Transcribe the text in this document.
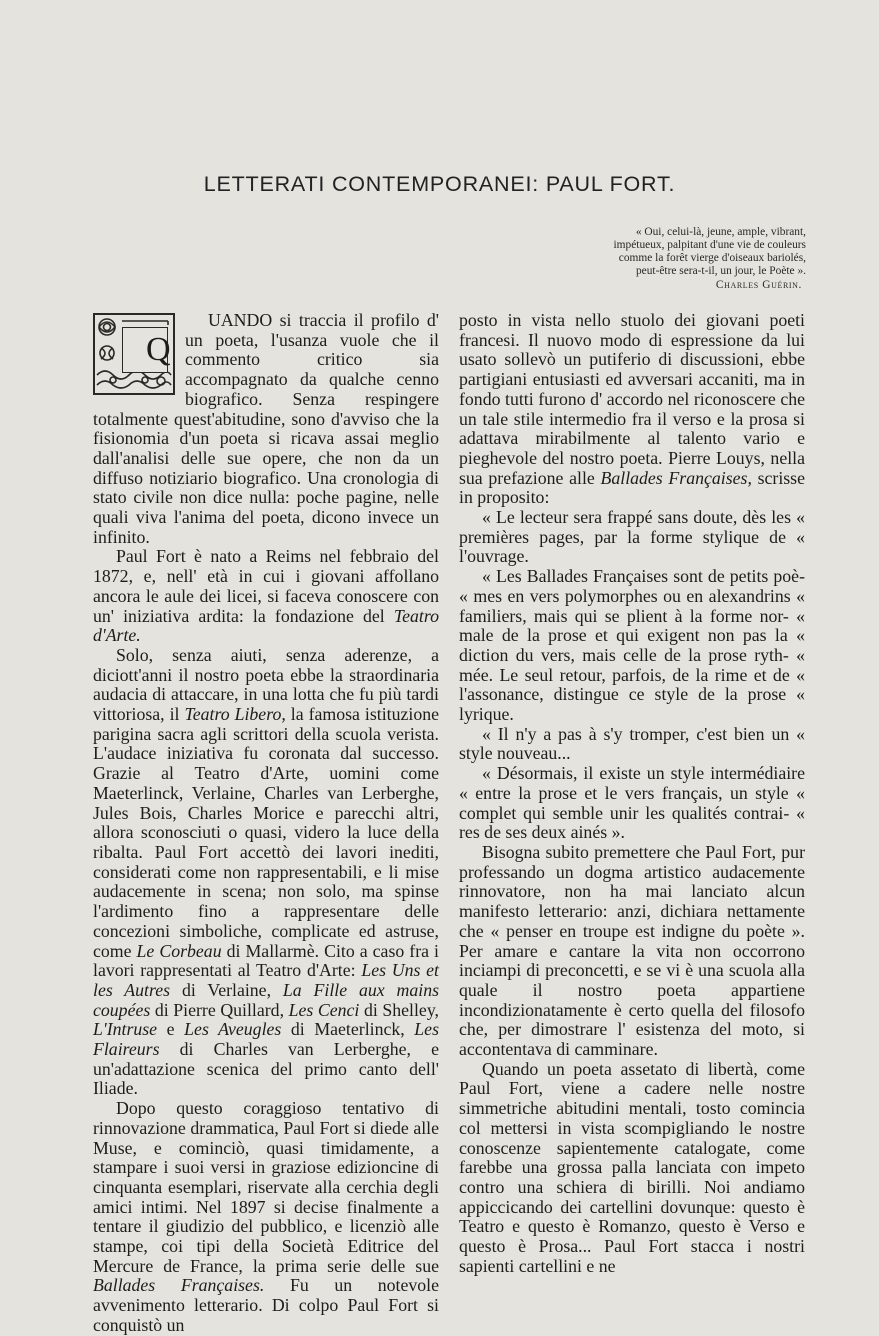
LETTERATI CONTEMPORANEI: PAUL FORT.
« Oui, celui-là, jeune, ample, vibrant,
impétueux, palpitant d'une vie de couleurs
comme la forêt vierge d'oiseaux bariolés,
peut-être sera-t-il, un jour, le Poète ».
Charles Guérin.

Q
UANDO si traccia il profilo d' un poeta, l'usanza vuole che il commento critico sia accompagnato da qualche cenno biografico. Senza respingere totalmente quest'abitudine, sono d'avviso che la fisionomia d'un poeta si ricava assai meglio dall'analisi delle sue opere, che non da un diffuso notiziario biografico. Una cronologia di stato civile non dice nulla: poche pagine, nelle quali viva l'anima del poeta, dicono invece un infinito.

Paul Fort è nato a Reims nel febbraio del 1872, e, nell' età in cui i giovani affollano ancora le aule dei licei, si faceva conoscere con un' iniziativa ardita: la fondazione del Teatro d'Arte.

Solo, senza aiuti, senza aderenze, a diciott'anni il nostro poeta ebbe la straordinaria audacia di attaccare, in una lotta che fu più tardi vittoriosa, il Teatro Libero, la famosa istituzione parigina sacra agli scrittori della scuola verista. L'audace iniziativa fu coronata dal successo. Grazie al Teatro d'Arte, uomini come Maeterlinck, Verlaine, Charles van Lerberghe, Jules Bois, Charles Morice e parecchi altri, allora sconosciuti o quasi, videro la luce della ribalta. Paul Fort accettò dei lavori inediti, considerati come non rappresentabili, e li mise audacemente in scena; non solo, ma spinse l'ardimento fino a rappresentare delle concezioni simboliche, complicate ed astruse, come Le Corbeau di Mallarmè. Cito a caso fra i lavori rappresentati al Teatro d'Arte: Les Uns et les Autres di Verlaine, La Fille aux mains coupées di Pierre Quillard, Les Cenci di Shelley, L'Intruse e Les Aveugles di Maeterlinck, Les Flaireurs di Charles van Lerberghe, e un'adattazione scenica del primo canto dell' Iliade.

Dopo questo coraggioso tentativo di rinnovazione drammatica, Paul Fort si diede alle Muse, e cominciò, quasi timidamente, a stampare i suoi versi in graziose edizioncine di cinquanta esemplari, riservate alla cerchia degli amici intimi. Nel 1897 si decise finalmente a tentare il giudizio del pubblico, e licenziò alle stampe, coi tipi della Società Editrice del Mercure de France, la prima serie delle sue Ballades Françaises. Fu un notevole avvenimento letterario. Di colpo Paul Fort si conquistò un

posto in vista nello stuolo dei giovani poeti francesi. Il nuovo modo di espressione da lui usato sollevò un putiferio di discussioni, ebbe partigiani entusiasti ed avversari accaniti, ma in fondo tutti furono d' accordo nel riconoscere che un tale stile intermedio fra il verso e la prosa si adattava mirabilmente al talento vario e pieghevole del nostro poeta. Pierre Louys, nella sua prefazione alle Ballades Françaises, scrisse in proposito:

« Le lecteur sera frappé sans doute, dès les « premières pages, par la forme stylique de « l'ouvrage.

« Les Ballades Françaises sont de petits poè- « mes en vers polymorphes ou en alexandrins « familiers, mais qui se plient à la forme nor- « male de la prose et qui exigent non pas la « diction du vers, mais celle de la prose ryth- « mée. Le seul retour, parfois, de la rime et de « l'assonance, distingue ce style de la prose « lyrique.

« Il n'y a pas à s'y tromper, c'est bien un « style nouveau...

« Désormais, il existe un style intermédiaire « entre la prose et le vers français, un style « complet qui semble unir les qualités contrai- « res de ses deux ainés ».

Bisogna subito premettere che Paul Fort, pur professando un dogma artistico audacemente rinnovatore, non ha mai lanciato alcun manifesto letterario: anzi, dichiara nettamente che « penser en troupe est indigne du poète ». Per amare e cantare la vita non occorrono inciampi di preconcetti, e se vi è una scuola alla quale il nostro poeta appartiene incondizionatamente è certo quella del filosofo che, per dimostrare l' esistenza del moto, si accontentava di camminare.

Quando un poeta assetato di libertà, come Paul Fort, viene a cadere nelle nostre simmetriche abitudini mentali, tosto comincia col mettersi in vista scompigliando le nostre conoscenze sapientemente catalogate, come farebbe una grossa palla lanciata con impeto contro una schiera di birilli. Noi andiamo appiccicando dei cartellini dovunque: questo è Teatro e questo è Romanzo, questo è Verso e questo è Prosa... Paul Fort stacca i nostri sapienti cartellini e ne
